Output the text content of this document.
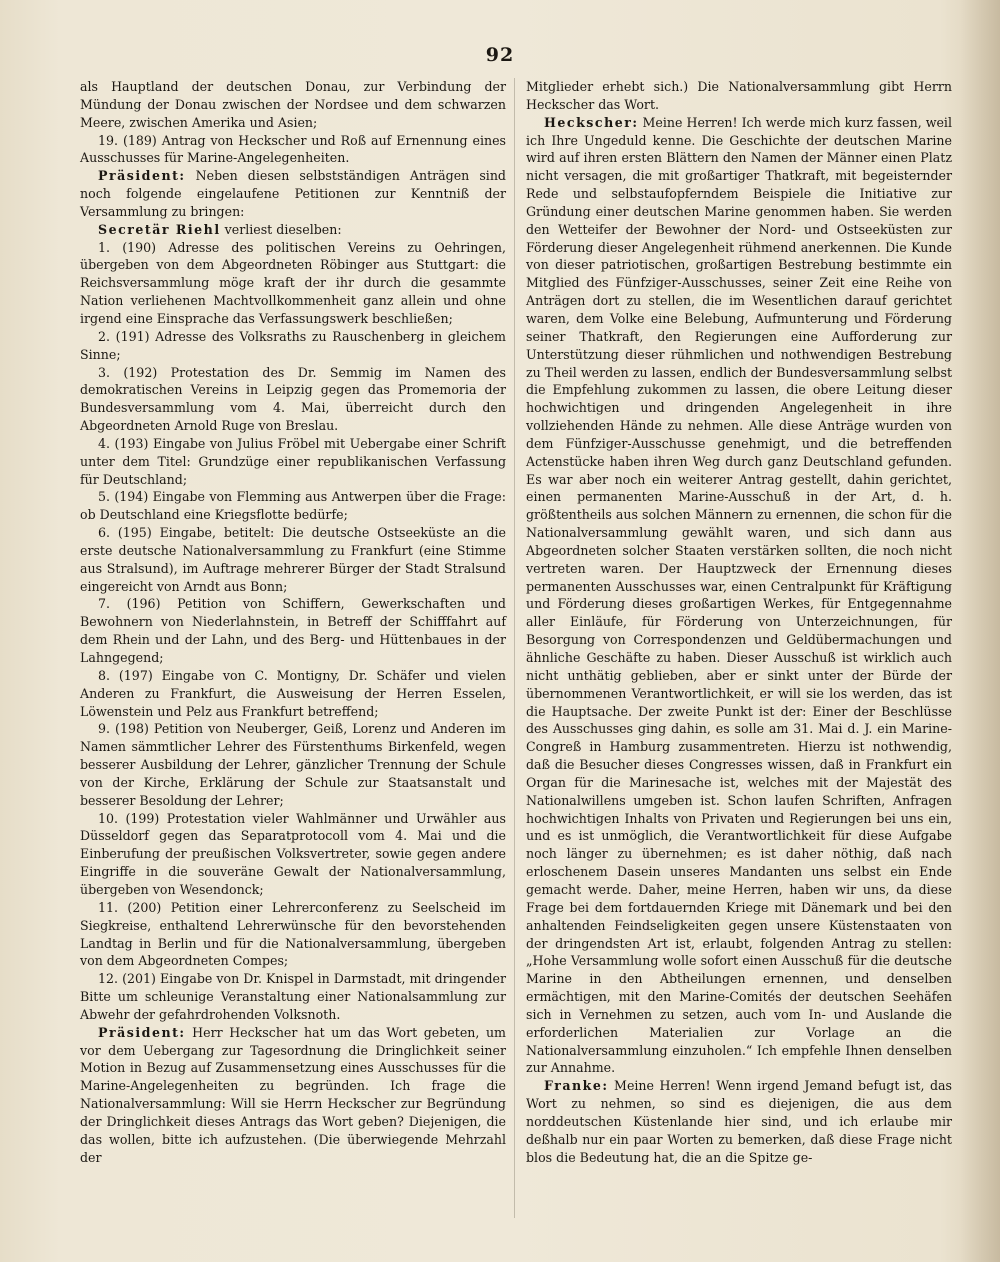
92

als Hauptland der deutschen Donau, zur Verbindung der Mündung der Donau zwischen der Nordsee und dem schwarzen Meere, zwischen Amerika und Asien;

19. (189) Antrag von Heckscher und Roß auf Ernennung eines Ausschusses für Marine-Angelegenheiten.

Präsident: Neben diesen selbstständigen Anträgen sind noch folgende eingelaufene Petitionen zur Kenntniß der Versammlung zu bringen:

Secretär Riehl verliest dieselben:

1. (190) Adresse des politischen Vereins zu Oehringen, übergeben von dem Abgeordneten Röbinger aus Stuttgart: die Reichsversammlung möge kraft der ihr durch die gesammte Nation verliehenen Machtvollkommenheit ganz allein und ohne irgend eine Einsprache das Verfassungswerk beschließen;

2. (191) Adresse des Volksraths zu Rauschenberg in gleichem Sinne;

3. (192) Protestation des Dr. Semmig im Namen des demokratischen Vereins in Leipzig gegen das Promemoria der Bundesversammlung vom 4. Mai, überreicht durch den Abgeordneten Arnold Ruge von Breslau.

4. (193) Eingabe von Julius Fröbel mit Uebergabe einer Schrift unter dem Titel: Grundzüge einer republikanischen Verfassung für Deutschland;

5. (194) Eingabe von Flemming aus Antwerpen über die Frage: ob Deutschland eine Kriegsflotte bedürfe;

6. (195) Eingabe, betitelt: Die deutsche Ostseeküste an die erste deutsche Nationalversammlung zu Frankfurt (eine Stimme aus Stralsund), im Auftrage mehrerer Bürger der Stadt Stralsund eingereicht von Arndt aus Bonn;

7. (196) Petition von Schiffern, Gewerkschaften und Bewohnern von Niederlahnstein, in Betreff der Schifffahrt auf dem Rhein und der Lahn, und des Berg- und Hüttenbaues in der Lahngegend;

8. (197) Eingabe von C. Montigny, Dr. Schäfer und vielen Anderen zu Frankfurt, die Ausweisung der Herren Esselen, Löwenstein und Pelz aus Frankfurt betreffend;

9. (198) Petition von Neuberger, Geiß, Lorenz und Anderen im Namen sämmtlicher Lehrer des Fürstenthums Birkenfeld, wegen besserer Ausbildung der Lehrer, gänzlicher Trennung der Schule von der Kirche, Erklärung der Schule zur Staatsanstalt und besserer Besoldung der Lehrer;

10. (199) Protestation vieler Wahlmänner und Urwähler aus Düsseldorf gegen das Separatprotocoll vom 4. Mai und die Einberufung der preußischen Volksvertreter, sowie gegen andere Eingriffe in die souveräne Gewalt der Nationalversammlung, übergeben von Wesendonck;

11. (200) Petition einer Lehrerconferenz zu Seelscheid im Siegkreise, enthaltend Lehrerwünsche für den bevorstehenden Landtag in Berlin und für die Nationalversammlung, übergeben von dem Abgeordneten Compes;

12. (201) Eingabe von Dr. Knispel in Darmstadt, mit dringender Bitte um schleunige Veranstaltung einer Nationalsammlung zur Abwehr der gefahrdrohenden Volksnoth.

Präsident: Herr Heckscher hat um das Wort gebeten, um vor dem Uebergang zur Tagesordnung die Dringlichkeit seiner Motion in Bezug auf Zusammensetzung eines Ausschusses für die Marine-Angelegenheiten zu begründen. Ich frage die Nationalversammlung: Will sie Herrn Heckscher zur Begründung der Dringlichkeit dieses Antrags das Wort geben? Diejenigen, die das wollen, bitte ich aufzustehen. (Die überwiegende Mehrzahl der

Mitglieder erhebt sich.) Die Nationalversammlung gibt Herrn Heckscher das Wort.

Heckscher: Meine Herren! Ich werde mich kurz fassen, weil ich Ihre Ungeduld kenne. Die Geschichte der deutschen Marine wird auf ihren ersten Blättern den Namen der Männer einen Platz nicht versagen, die mit großartiger Thatkraft, mit begeisternder Rede und selbstaufopferndem Beispiele die Initiative zur Gründung einer deutschen Marine genommen haben. Sie werden den Wetteifer der Bewohner der Nord- und Ostseeküsten zur Förderung dieser Angelegenheit rühmend anerkennen. Die Kunde von dieser patriotischen, großartigen Bestrebung bestimmte ein Mitglied des Fünfziger-Ausschusses, seiner Zeit eine Reihe von Anträgen dort zu stellen, die im Wesentlichen darauf gerichtet waren, dem Volke eine Belebung, Aufmunterung und Förderung seiner Thatkraft, den Regierungen eine Aufforderung zur Unterstützung dieser rühmlichen und nothwendigen Bestrebung zu Theil werden zu lassen, endlich der Bundesversammlung selbst die Empfehlung zukommen zu lassen, die obere Leitung dieser hochwichtigen und dringenden Angelegenheit in ihre vollziehenden Hände zu nehmen. Alle diese Anträge wurden von dem Fünfziger-Ausschusse genehmigt, und die betreffenden Actenstücke haben ihren Weg durch ganz Deutschland gefunden. Es war aber noch ein weiterer Antrag gestellt, dahin gerichtet, einen permanenten Marine-Ausschuß in der Art, d. h. größtentheils aus solchen Männern zu ernennen, die schon für die Nationalversammlung gewählt waren, und sich dann aus Abgeordneten solcher Staaten verstärken sollten, die noch nicht vertreten waren. Der Hauptzweck der Ernennung dieses permanenten Ausschusses war, einen Centralpunkt für Kräftigung und Förderung dieses großartigen Werkes, für Entgegennahme aller Einläufe, für Förderung von Unterzeichnungen, für Besorgung von Correspondenzen und Geldübermachungen und ähnliche Geschäfte zu haben. Dieser Ausschuß ist wirklich auch nicht unthätig geblieben, aber er sinkt unter der Bürde der übernommenen Verantwortlichkeit, er will sie los werden, das ist die Hauptsache. Der zweite Punkt ist der: Einer der Beschlüsse des Ausschusses ging dahin, es solle am 31. Mai d. J. ein Marine-Congreß in Hamburg zusammentreten. Hierzu ist nothwendig, daß die Besucher dieses Congresses wissen, daß in Frankfurt ein Organ für die Marinesache ist, welches mit der Majestät des Nationalwillens umgeben ist. Schon laufen Schriften, Anfragen hochwichtigen Inhalts von Privaten und Regierungen bei uns ein, und es ist unmöglich, die Verantwortlichkeit für diese Aufgabe noch länger zu übernehmen; es ist daher nöthig, daß nach erloschenem Dasein unseres Mandanten uns selbst ein Ende gemacht werde. Daher, meine Herren, haben wir uns, da diese Frage bei dem fortdauernden Kriege mit Dänemark und bei den anhaltenden Feindseligkeiten gegen unsere Küstenstaaten von der dringendsten Art ist, erlaubt, folgenden Antrag zu stellen: „Hohe Versammlung wolle sofort einen Ausschuß für die deutsche Marine in den Abtheilungen ernennen, und denselben ermächtigen, mit den Marine-Comités der deutschen Seehäfen sich in Vernehmen zu setzen, auch vom In- und Auslande die erforderlichen Materialien zur Vorlage an die Nationalversammlung einzuholen.“ Ich empfehle Ihnen denselben zur Annahme.

Franke: Meine Herren! Wenn irgend Jemand befugt ist, das Wort zu nehmen, so sind es diejenigen, die aus dem norddeutschen Küstenlande hier sind, und ich erlaube mir deßhalb nur ein paar Worten zu bemerken, daß diese Frage nicht blos die Bedeutung hat, die an die Spitze ge-
